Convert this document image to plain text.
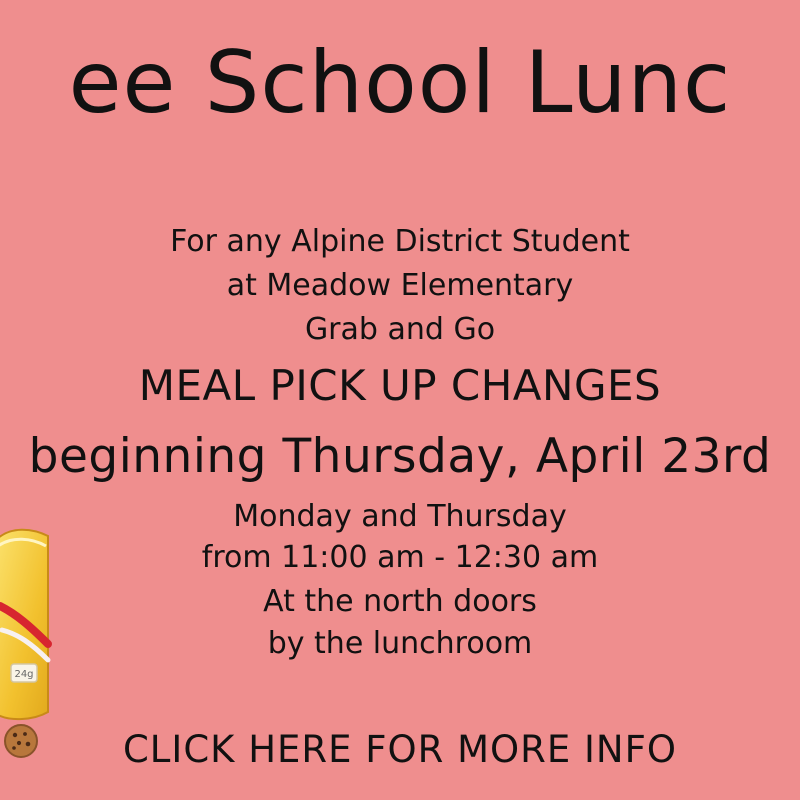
ee School Lunc
For any Alpine District Student
at Meadow Elementary
Grab and Go
MEAL PICK UP CHANGES
beginning Thursday, April 23rd
Monday and Thursday
from 11:00 am - 12:30 am
At the north doors
by the lunchroom
CLICK HERE FOR MORE INFO
24g
